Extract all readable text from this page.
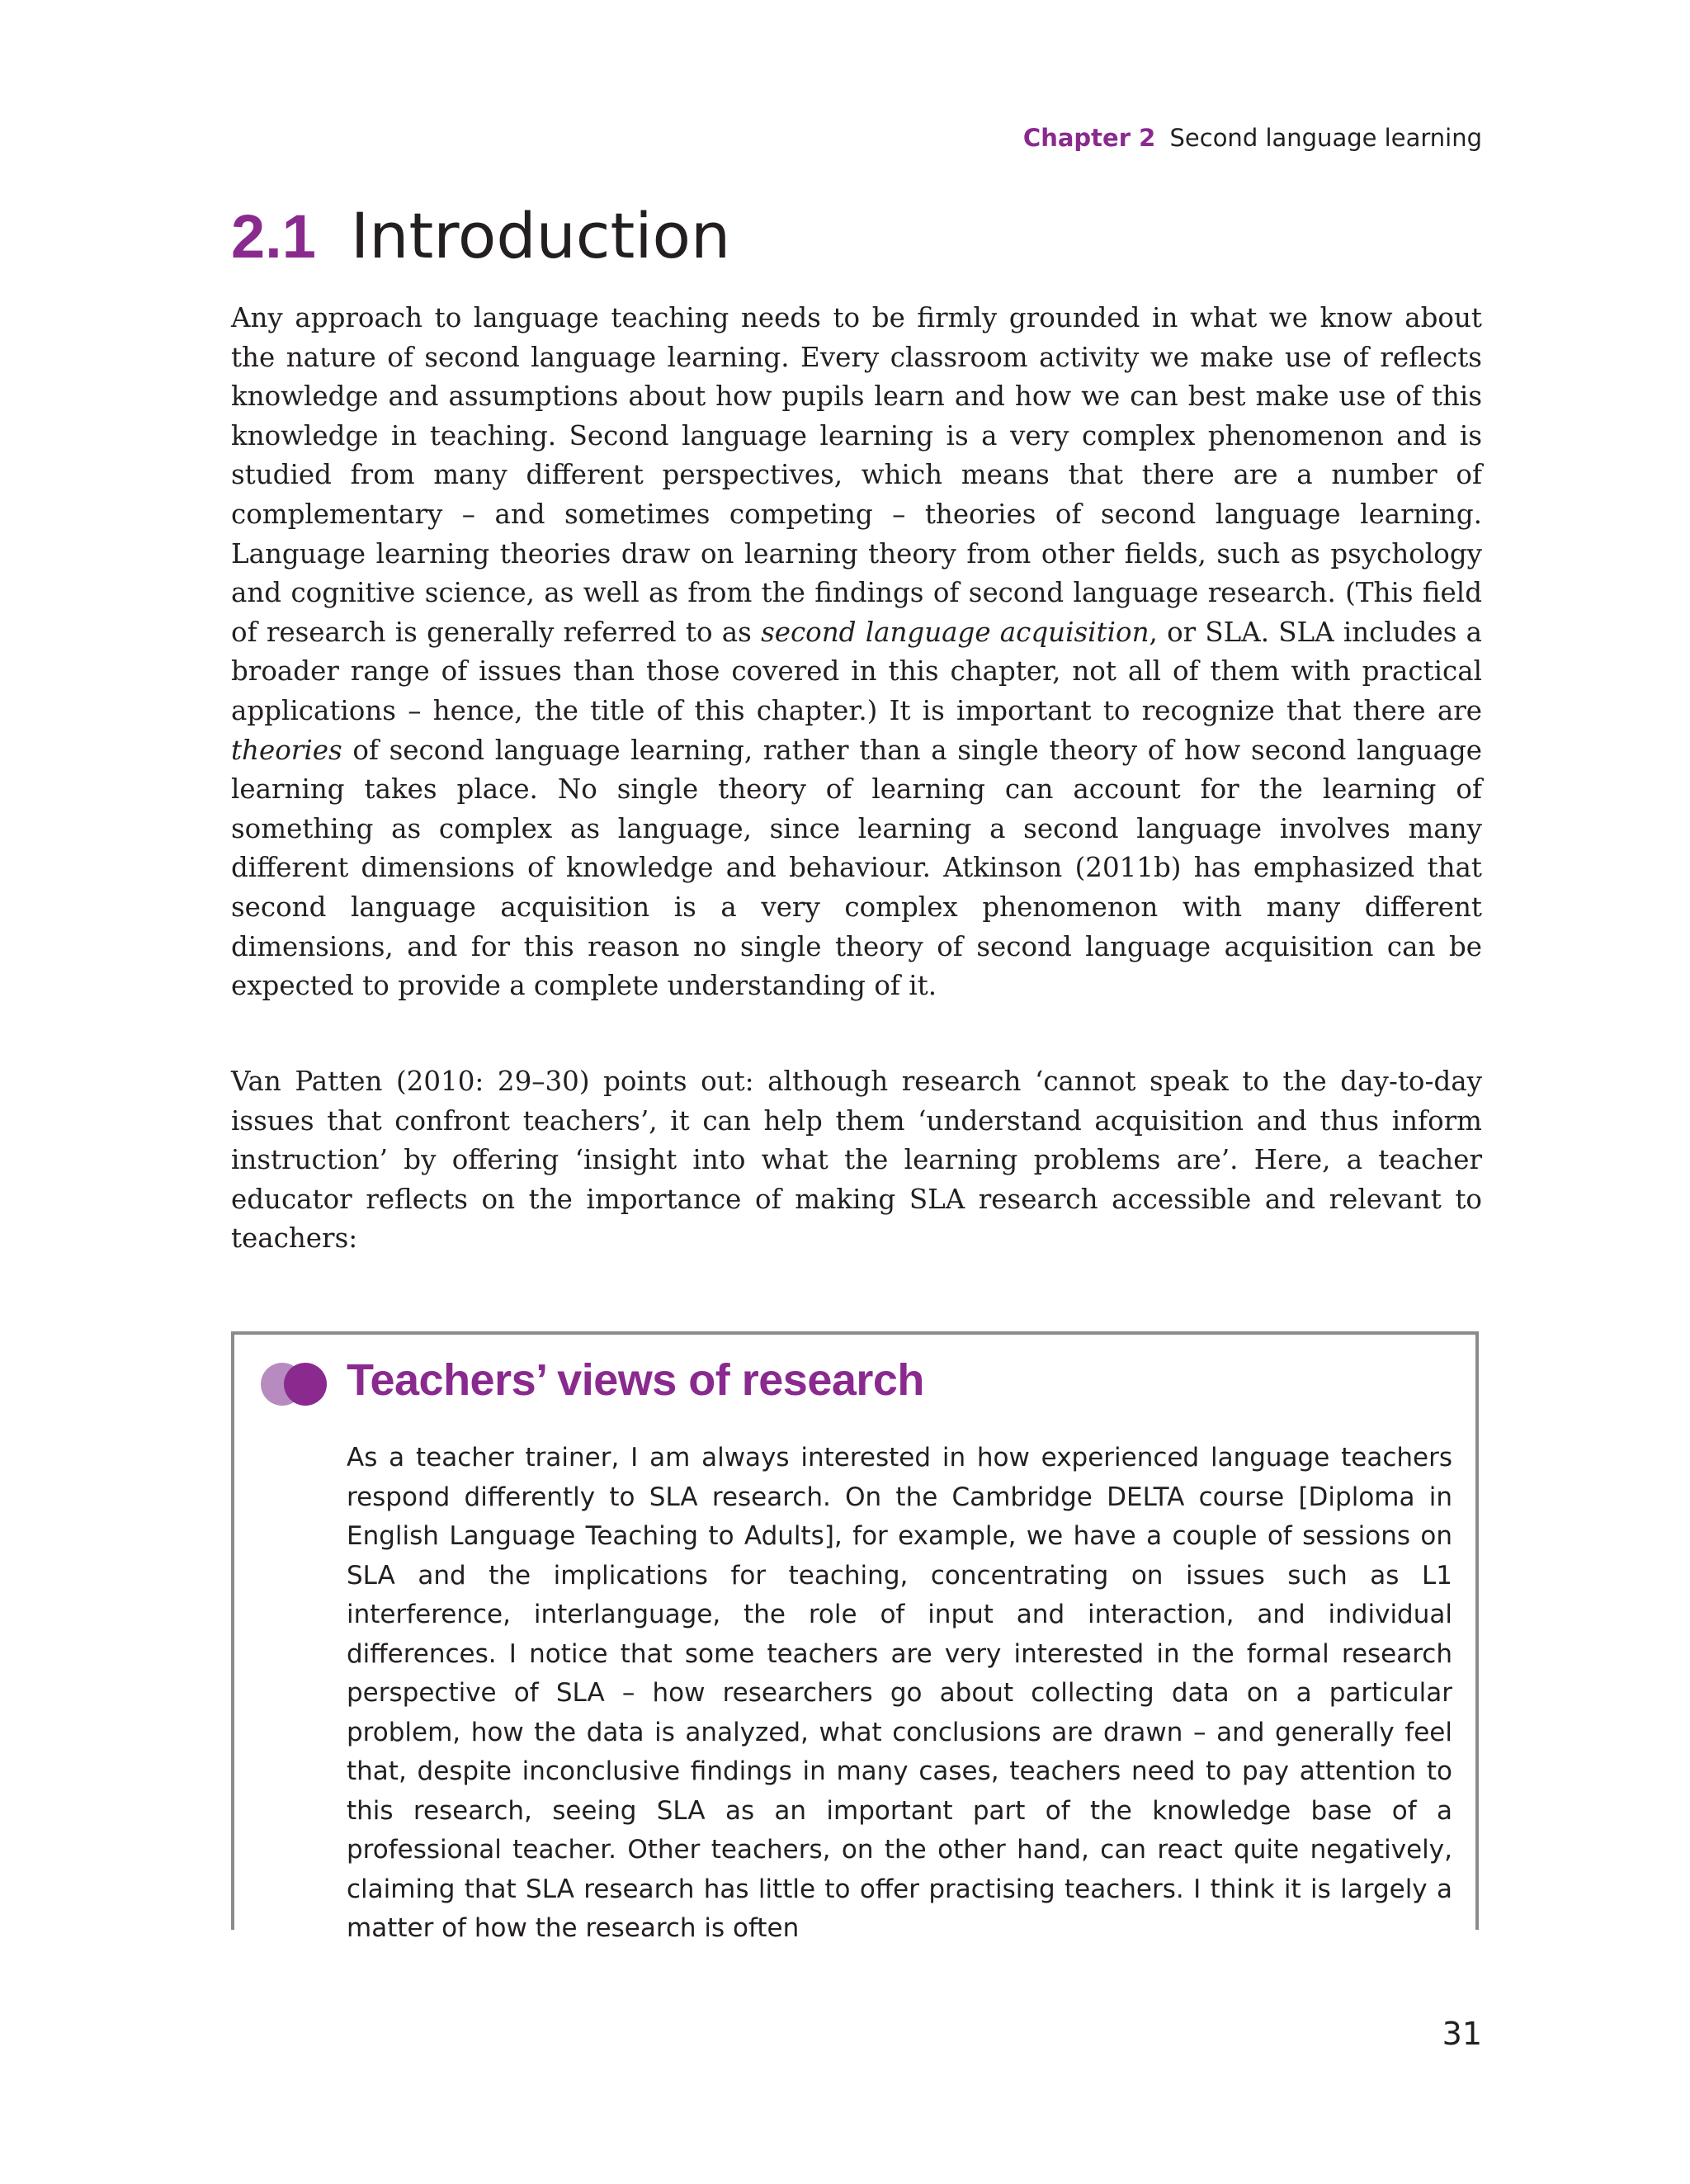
Chapter 2 Second language learning
2.1 Introduction

Any approach to language teaching needs to be firmly grounded in what we know about the nature of second language learning. Every classroom activity we make use of reflects knowledge and assumptions about how pupils learn and how we can best make use of this knowledge in teaching. Second language learning is a very complex phenomenon and is studied from many different perspectives, which means that there are a number of complementary – and sometimes competing – theories of second language learning. Language learning theories draw on learning theory from other fields, such as psychology and cognitive science, as well as from the findings of second language research. (This field of research is generally referred to as second language acquisition, or SLA. SLA includes a broader range of issues than those covered in this chapter, not all of them with practical applications – hence, the title of this chapter.) It is important to recognize that there are theories of second language learning, rather than a single theory of how second language learning takes place. No single theory of learning can account for the learning of something as complex as language, since learning a second language involves many different dimensions of knowledge and behaviour. Atkinson (2011b) has emphasized that second language acquisition is a very complex phenomenon with many different dimensions, and for this reason no single theory of second language acquisition can be expected to provide a complete understanding of it.

Van Patten (2010: 29–30) points out: although research ‘cannot speak to the day-to-day issues that confront teachers’, it can help them ‘understand acquisition and thus inform instruction’ by offering ‘insight into what the learning problems are’. Here, a teacher educator reflects on the importance of making SLA research accessible and relevant to teachers:

Teachers’ views of research

As a teacher trainer, I am always interested in how experienced language teachers respond differently to SLA research. On the Cambridge DELTA course [Diploma in English Language Teaching to Adults], for example, we have a couple of sessions on SLA and the implications for teaching, concentrating on issues such as L1 interference, interlanguage, the role of input and interaction, and individual differences. I notice that some teachers are very interested in the formal research perspective of SLA – how researchers go about collecting data on a particular problem, how the data is analyzed, what conclusions are drawn – and generally feel that, despite inconclusive findings in many cases, teachers need to pay attention to this research, seeing SLA as an important part of the knowledge base of a professional teacher. Other teachers, on the other hand, can react quite negatively, claiming that SLA research has little to offer practising teachers. I think it is largely a matter of how the research is often

31
